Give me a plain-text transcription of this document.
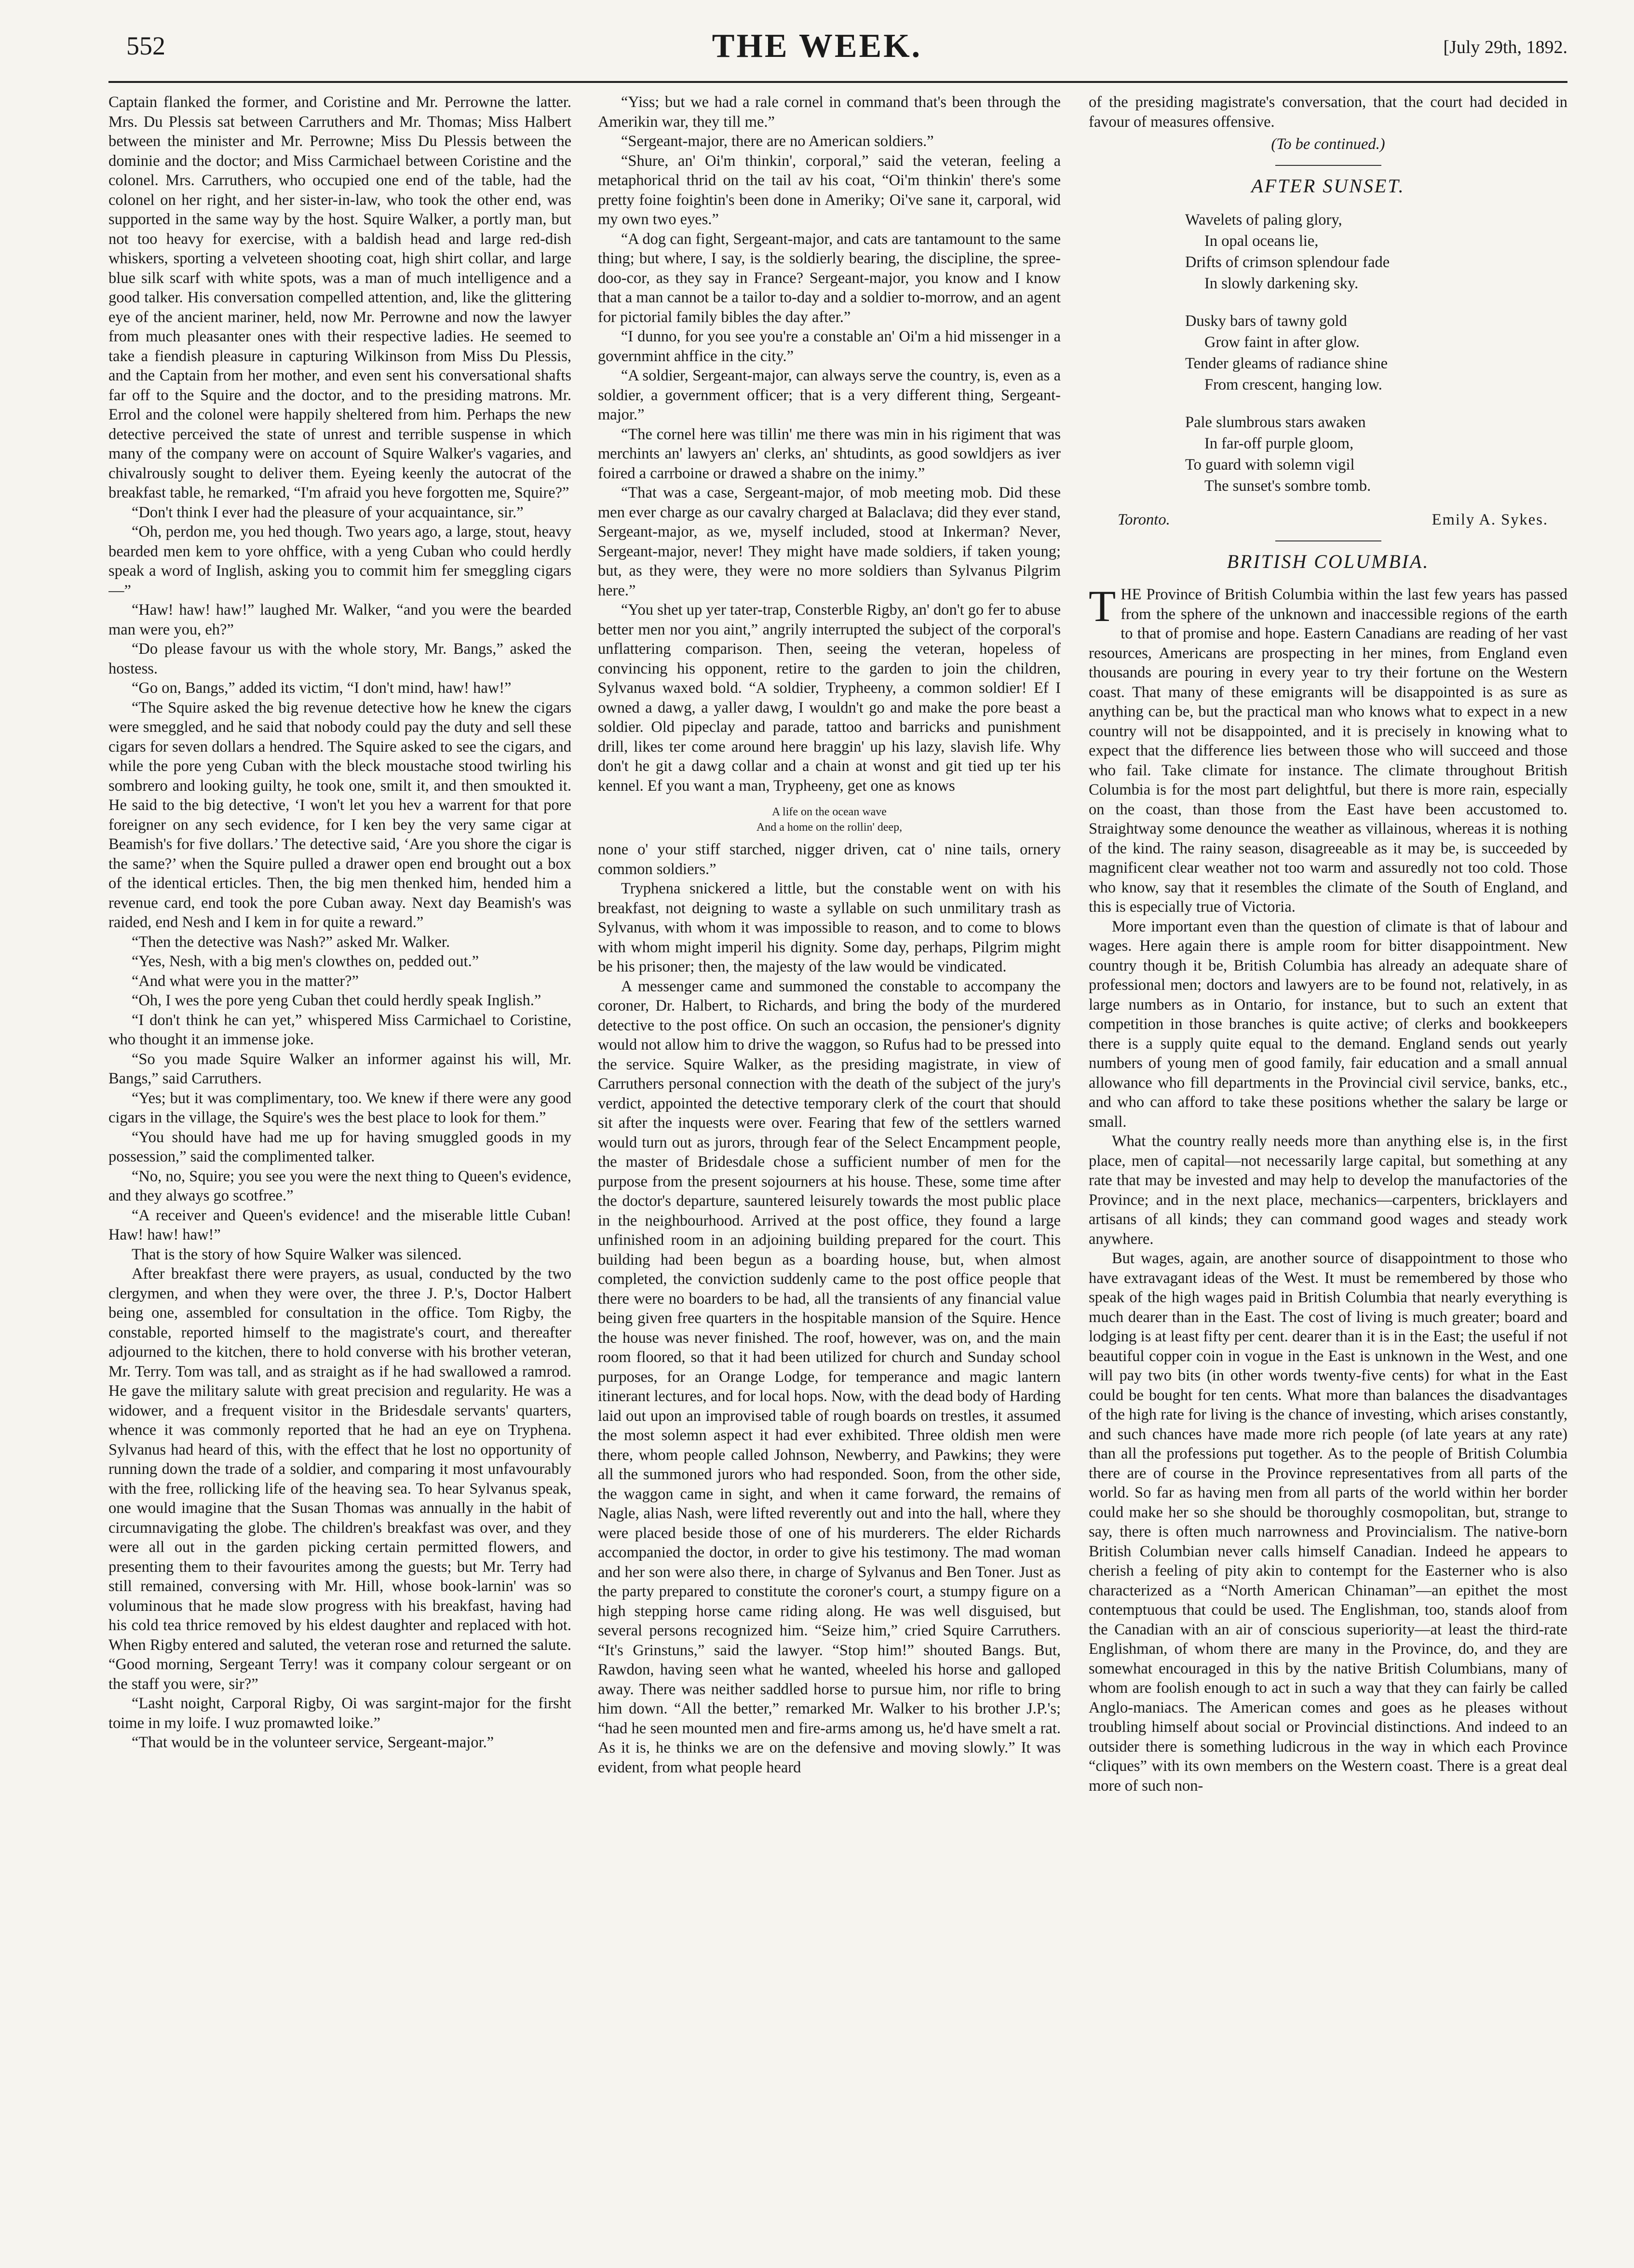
552	THE WEEK.	[July 29th, 1892.

Captain flanked the former, and Coristine and Mr. Perrowne the latter. Mrs. Du Plessis sat between Carruthers and Mr. Thomas; Miss Halbert between the minister and Mr. Perrowne; Miss Du Plessis between the dominie and the doctor; and Miss Carmichael between Coristine and the colonel. Mrs. Carruthers, who occupied one end of the table, had the colonel on her right, and her sister-in-law, who took the other end, was supported in the same way by the host. Squire Walker, a portly man, but not too heavy for exercise, with a baldish head and large red-dish whiskers, sporting a velveteen shooting coat, high shirt collar, and large blue silk scarf with white spots, was a man of much intelligence and a good talker. His conversation compelled attention, and, like the glittering eye of the ancient mariner, held, now Mr. Perrowne and now the lawyer from much pleasanter ones with their respective ladies. He seemed to take a fiendish pleasure in capturing Wilkinson from Miss Du Plessis, and the Captain from her mother, and even sent his conversational shafts far off to the Squire and the doctor, and to the presiding matrons. Mr. Errol and the colonel were happily sheltered from him. Perhaps the new detective perceived the state of unrest and terrible suspense in which many of the company were on account of Squire Walker's vagaries, and chivalrously sought to deliver them. Eyeing keenly the autocrat of the breakfast table, he remarked, “I'm afraid you heve forgotten me, Squire?”

“Don't think I ever had the pleasure of your acquaintance, sir.”

“Oh, perdon me, you hed though. Two years ago, a large, stout, heavy bearded men kem to yore ohffice, with a yeng Cuban who could herdly speak a word of Inglish, asking you to commit him fer smeggling cigars—”

“Haw! haw! haw!” laughed Mr. Walker, “and you were the bearded man were you, eh?”

“Do please favour us with the whole story, Mr. Bangs,” asked the hostess.

“Go on, Bangs,” added its victim, “I don't mind, haw! haw!”

“The Squire asked the big revenue detective how he knew the cigars were smeggled, and he said that nobody could pay the duty and sell these cigars for seven dollars a hendred. The Squire asked to see the cigars, and while the pore yeng Cuban with the bleck moustache stood twirling his sombrero and looking guilty, he took one, smilt it, and then smoukted it. He said to the big detective, ‘I won't let you hev a warrent for that pore foreigner on any sech evidence, for I ken bey the very same cigar at Beamish's for five dollars.’ The detective said, ‘Are you shore the cigar is the same?’ when the Squire pulled a drawer open end brought out a box of the identical erticles. Then, the big men thenked him, hended him a revenue card, end took the pore Cuban away. Next day Beamish's was raided, end Nesh and I kem in for quite a reward.”

“Then the detective was Nash?” asked Mr. Walker.

“Yes, Nesh, with a big men's clowthes on, pedded out.”

“And what were you in the matter?”

“Oh, I wes the pore yeng Cuban thet could herdly speak Inglish.”

“I don't think he can yet,” whispered Miss Carmichael to Coristine, who thought it an immense joke.

“So you made Squire Walker an informer against his will, Mr. Bangs,” said Carruthers.

“Yes; but it was complimentary, too. We knew if there were any good cigars in the village, the Squire's wes the best place to look for them.”

“You should have had me up for having smuggled goods in my possession,” said the complimented talker.

“No, no, Squire; you see you were the next thing to Queen's evidence, and they always go scotfree.”

“A receiver and Queen's evidence! and the miserable little Cuban! Haw! haw! haw!”

That is the story of how Squire Walker was silenced.

After breakfast there were prayers, as usual, conducted by the two clergymen, and when they were over, the three J. P.'s, Doctor Halbert being one, assembled for consultation in the office. Tom Rigby, the constable, reported himself to the magistrate's court, and thereafter adjourned to the kitchen, there to hold converse with his brother veteran, Mr. Terry. Tom was tall, and as straight as if he had swallowed a ramrod. He gave the military salute with great precision and regularity. He was a widower, and a frequent visitor in the Bridesdale servants' quarters, whence it was commonly reported that he had an eye on Tryphena. Sylvanus had heard of this, with the effect that he lost no opportunity of running down the trade of a soldier, and comparing it most unfavourably with the free, rollicking life of the heaving sea. To hear Sylvanus speak, one would imagine that the Susan Thomas was annually in the habit of circumnavigating the globe. The children's breakfast was over, and they were all out in the garden picking certain permitted flowers, and presenting them to their favourites among the guests; but Mr. Terry had still remained, conversing with Mr. Hill, whose book-larnin' was so voluminous that he made slow progress with his breakfast, having had his cold tea thrice removed by his eldest daughter and replaced with hot. When Rigby entered and saluted, the veteran rose and returned the salute. “Good morning, Sergeant Terry! was it company colour sergeant or on the staff you were, sir?”

“Lasht noight, Carporal Rigby, Oi was sargint-major for the firsht toime in my loife. I wuz promawted loike.”

“That would be in the volunteer service, Sergeant-major.”

“Yiss; but we had a rale cornel in command that's been through the Amerikin war, they till me.”

“Sergeant-major, there are no American soldiers.”

“Shure, an' Oi'm thinkin', corporal,” said the veteran, feeling a metaphorical thrid on the tail av his coat, “Oi'm thinkin' there's some pretty foine foightin's been done in Ameriky; Oi've sane it, carporal, wid my own two eyes.”

“A dog can fight, Sergeant-major, and cats are tantamount to the same thing; but where, I say, is the soldierly bearing, the discipline, the spree-doo-cor, as they say in France? Sergeant-major, you know and I know that a man cannot be a tailor to-day and a soldier to-morrow, and an agent for pictorial family bibles the day after.”

“I dunno, for you see you're a constable an' Oi'm a hid missenger in a governmint ahffice in the city.”

“A soldier, Sergeant-major, can always serve the country, is, even as a soldier, a government officer; that is a very different thing, Sergeant-major.”

“The cornel here was tillin' me there was min in his rigiment that was merchints an' lawyers an' clerks, an' shtudints, as good sowldjers as iver foired a carrboine or drawed a shabre on the inimy.”

“That was a case, Sergeant-major, of mob meeting mob. Did these men ever charge as our cavalry charged at Balaclava; did they ever stand, Sergeant-major, as we, myself included, stood at Inkerman? Never, Sergeant-major, never! They might have made soldiers, if taken young; but, as they were, they were no more soldiers than Sylvanus Pilgrim here.”

“You shet up yer tater-trap, Consterble Rigby, an' don't go fer to abuse better men nor you aint,” angrily interrupted the subject of the corporal's unflattering comparison. Then, seeing the veteran, hopeless of convincing his opponent, retire to the garden to join the children, Sylvanus waxed bold. “A soldier, Trypheeny, a common soldier! Ef I owned a dawg, a yaller dawg, I wouldn't go and make the pore beast a soldier. Old pipeclay and parade, tattoo and barricks and punishment drill, likes ter come around here braggin' up his lazy, slavish life. Why don't he git a dawg collar and a chain at wonst and git tied up ter his kennel. Ef you want a man, Trypheeny, get one as knows

A life on the ocean wave
And a home on the rollin' deep,

none o' your stiff starched, nigger driven, cat o' nine tails, ornery common soldiers.”

Tryphena snickered a little, but the constable went on with his breakfast, not deigning to waste a syllable on such unmilitary trash as Sylvanus, with whom it was impossible to reason, and to come to blows with whom might imperil his dignity. Some day, perhaps, Pilgrim might be his prisoner; then, the majesty of the law would be vindicated.

A messenger came and summoned the constable to accompany the coroner, Dr. Halbert, to Richards, and bring the body of the murdered detective to the post office. On such an occasion, the pensioner's dignity would not allow him to drive the waggon, so Rufus had to be pressed into the service. Squire Walker, as the presiding magistrate, in view of Carruthers personal connection with the death of the subject of the jury's verdict, appointed the detective temporary clerk of the court that should sit after the inquests were over. Fearing that few of the settlers warned would turn out as jurors, through fear of the Select Encampment people, the master of Bridesdale chose a sufficient number of men for the purpose from the present sojourners at his house. These, some time after the doctor's departure, sauntered leisurely towards the most public place in the neighbourhood. Arrived at the post office, they found a large unfinished room in an adjoining building prepared for the court. This building had been begun as a boarding house, but, when almost completed, the conviction suddenly came to the post office people that there were no boarders to be had, all the transients of any financial value being given free quarters in the hospitable mansion of the Squire. Hence the house was never finished. The roof, however, was on, and the main room floored, so that it had been utilized for church and Sunday school purposes, for an Orange Lodge, for temperance and magic lantern itinerant lectures, and for local hops. Now, with the dead body of Harding laid out upon an improvised table of rough boards on trestles, it assumed the most solemn aspect it had ever exhibited. Three oldish men were there, whom people called Johnson, Newberry, and Pawkins; they were all the summoned jurors who had responded. Soon, from the other side, the waggon came in sight, and when it came forward, the remains of Nagle, alias Nash, were lifted reverently out and into the hall, where they were placed beside those of one of his murderers. The elder Richards accompanied the doctor, in order to give his testimony. The mad woman and her son were also there, in charge of Sylvanus and Ben Toner. Just as the party prepared to constitute the coroner's court, a stumpy figure on a high stepping horse came riding along. He was well disguised, but several persons recognized him. “Seize him,” cried Squire Carruthers. “It's Grinstuns,” said the lawyer. “Stop him!” shouted Bangs. But, Rawdon, having seen what he wanted, wheeled his horse and galloped away. There was neither saddled horse to pursue him, nor rifle to bring him down. “All the better,” remarked Mr. Walker to his brother J.P.'s; “had he seen mounted men and fire-arms among us, he'd have smelt a rat. As it is, he thinks we are on the defensive and moving slowly.” It was evident, from what people heard

of the presiding magistrate's conversation, that the court had decided in favour of measures offensive.

(To be continued.)

AFTER SUNSET.
Wavelets of paling glory,
In opal oceans lie,
Drifts of crimson splendour fade
In slowly darkening sky.
Dusky bars of tawny gold
Grow faint in after glow.
Tender gleams of radiance shine
From crescent, hanging low.
Pale slumbrous stars awaken
In far-off purple gloom,
To guard with solemn vigil
The sunset's sombre tomb.
Toronto.	Emily A. Sykes.
BRITISH COLUMBIA.

THE Province of British Columbia within the last few years has passed from the sphere of the unknown and inaccessible regions of the earth to that of promise and hope. Eastern Canadians are reading of her vast resources, Americans are prospecting in her mines, from England even thousands are pouring in every year to try their fortune on the Western coast. That many of these emigrants will be disappointed is as sure as anything can be, but the practical man who knows what to expect in a new country will not be disappointed, and it is precisely in knowing what to expect that the difference lies between those who will succeed and those who fail. Take climate for instance. The climate throughout British Columbia is for the most part delightful, but there is more rain, especially on the coast, than those from the East have been accustomed to. Straightway some denounce the weather as villainous, whereas it is nothing of the kind. The rainy season, disagreeable as it may be, is succeeded by magnificent clear weather not too warm and assuredly not too cold. Those who know, say that it resembles the climate of the South of England, and this is especially true of Victoria.

More important even than the question of climate is that of labour and wages. Here again there is ample room for bitter disappointment. New country though it be, British Columbia has already an adequate share of professional men; doctors and lawyers are to be found not, relatively, in as large numbers as in Ontario, for instance, but to such an extent that competition in those branches is quite active; of clerks and bookkeepers there is a supply quite equal to the demand. England sends out yearly numbers of young men of good family, fair education and a small annual allowance who fill departments in the Provincial civil service, banks, etc., and who can afford to take these positions whether the salary be large or small.

What the country really needs more than anything else is, in the first place, men of capital—not necessarily large capital, but something at any rate that may be invested and may help to develop the manufactories of the Province; and in the next place, mechanics—carpenters, bricklayers and artisans of all kinds; they can command good wages and steady work anywhere.

But wages, again, are another source of disappointment to those who have extravagant ideas of the West. It must be remembered by those who speak of the high wages paid in British Columbia that nearly everything is much dearer than in the East. The cost of living is much greater; board and lodging is at least fifty per cent. dearer than it is in the East; the useful if not beautiful copper coin in vogue in the East is unknown in the West, and one will pay two bits (in other words twenty-five cents) for what in the East could be bought for ten cents. What more than balances the disadvantages of the high rate for living is the chance of investing, which arises constantly, and such chances have made more rich people (of late years at any rate) than all the professions put together. As to the people of British Columbia there are of course in the Province representatives from all parts of the world. So far as having men from all parts of the world within her border could make her so she should be thoroughly cosmopolitan, but, strange to say, there is often much narrowness and Provincialism. The native-born British Columbian never calls himself Canadian. Indeed he appears to cherish a feeling of pity akin to contempt for the Easterner who is also characterized as a “North American Chinaman”—an epithet the most contemptuous that could be used. The Englishman, too, stands aloof from the Canadian with an air of conscious superiority—at least the third-rate Englishman, of whom there are many in the Province, do, and they are somewhat encouraged in this by the native British Columbians, many of whom are foolish enough to act in such a way that they can fairly be called Anglo-maniacs. The American comes and goes as he pleases without troubling himself about social or Provincial distinctions. And indeed to an outsider there is something ludicrous in the way in which each Province “cliques” with its own members on the Western coast. There is a great deal more of such non-
